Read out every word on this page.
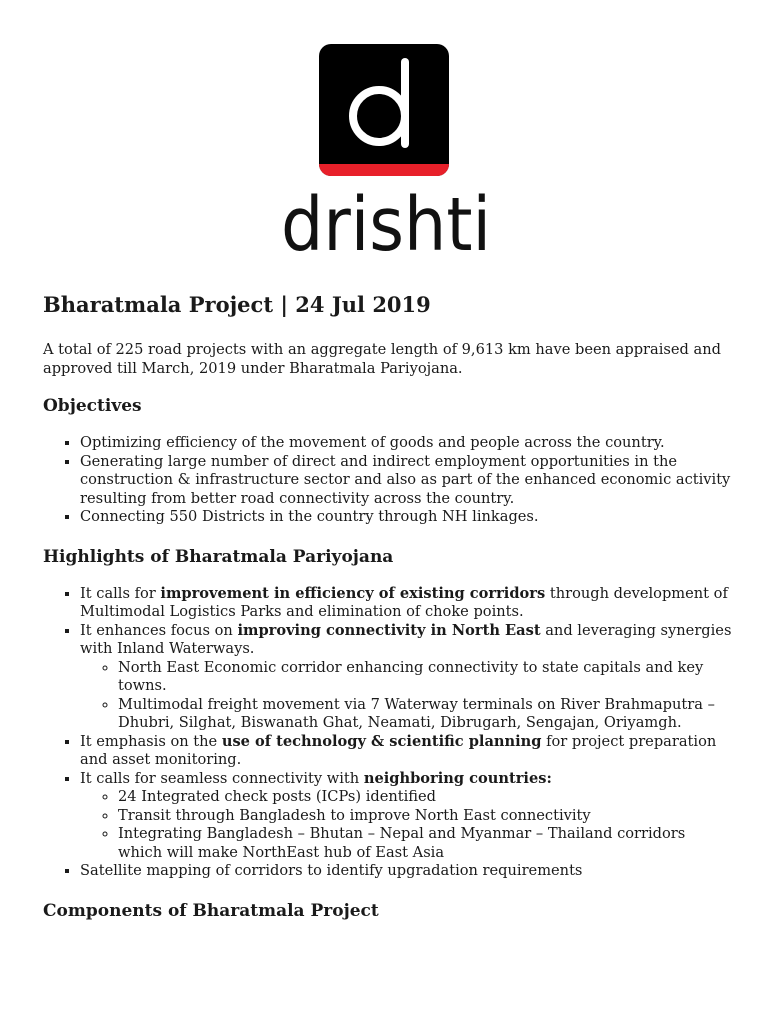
drishti
Bharatmala Project | 24 Jul 2019

A total of 225 road projects with an aggregate length of 9,613 km have been appraised and approved till March, 2019 under Bharatmala Pariyojana.

Objectives
▪ Optimizing efficiency of the movement of goods and people across the country.
▪ Generating large number of direct and indirect employment opportunities in the construction & infrastructure sector and also as part of the enhanced economic activity resulting from better road connectivity across the country.
▪ Connecting 550 Districts in the country through NH linkages.
Highlights of Bharatmala Pariyojana
▪ It calls for improvement in efficiency of existing corridors through development of Multimodal Logistics Parks and elimination of choke points.
▪ It enhances focus on improving connectivity in North East and leveraging synergies with Inland Waterways.
◦ North East Economic corridor enhancing connectivity to state capitals and key towns.
◦ Multimodal freight movement via 7 Waterway terminals on River Brahmaputra – Dhubri, Silghat, Biswanath Ghat, Neamati, Dibrugarh, Sengajan, Oriyamgh.
▪ It emphasis on the use of technology & scientific planning for project preparation and asset monitoring.
▪ It calls for seamless connectivity with neighboring countries:
◦ 24 Integrated check posts (ICPs) identified
◦ Transit through Bangladesh to improve North East connectivity
◦ Integrating Bangladesh – Bhutan – Nepal and Myanmar – Thailand corridors which will make NorthEast hub of East Asia
▪ Satellite mapping of corridors to identify upgradation requirements
Components of Bharatmala Project
